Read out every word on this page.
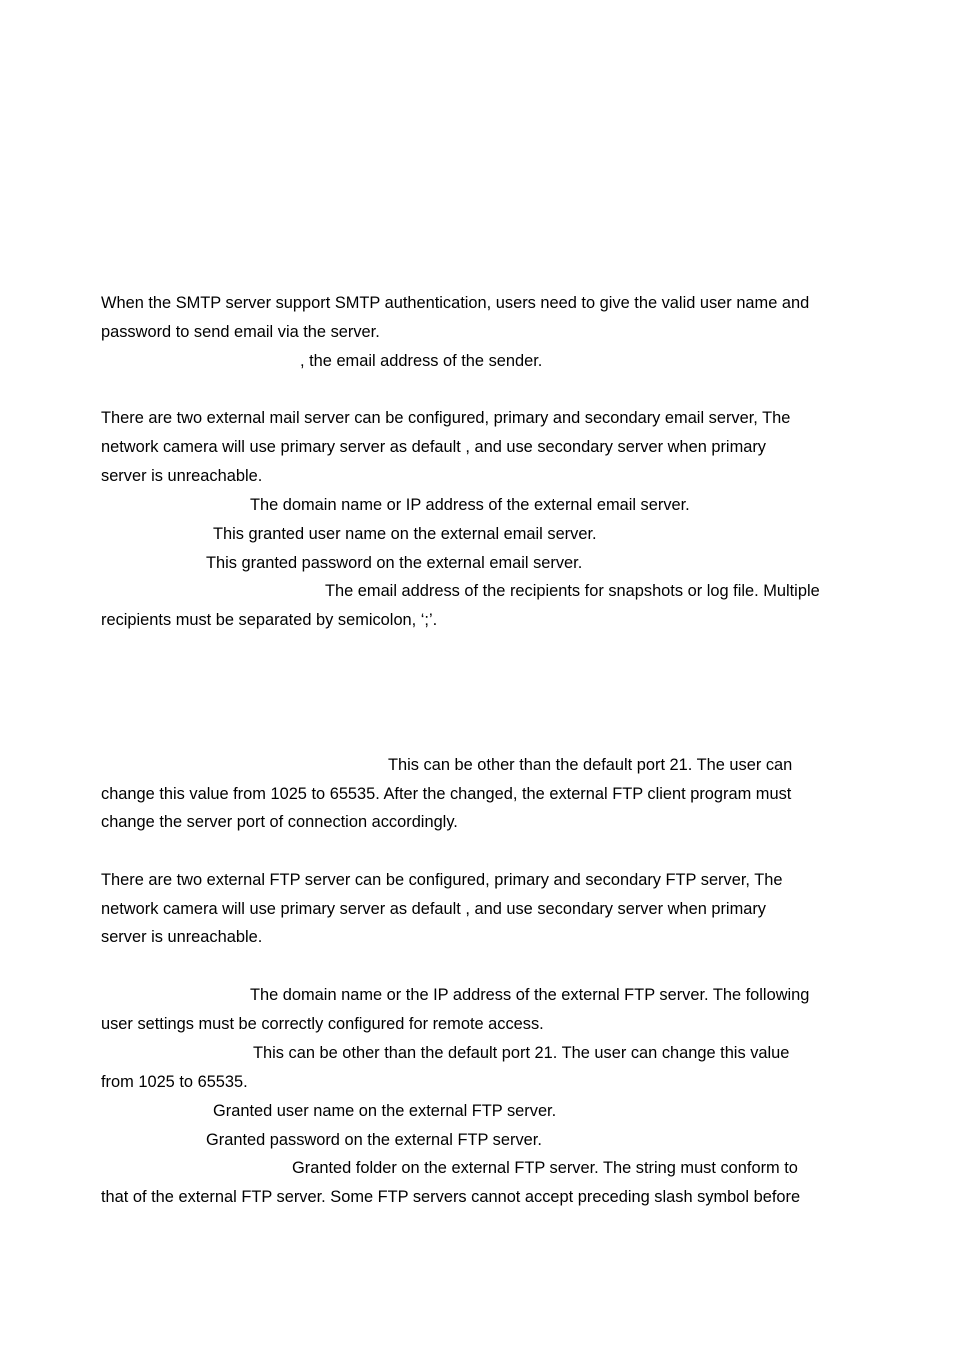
When the SMTP server support SMTP authentication, users need to give the valid user name and

password to send email via the server.

, the email address of the sender.

There are two external mail server can be configured, primary and secondary email server, The

network camera will use primary server as default , and use secondary server when primary

server is unreachable.

The domain name or IP address of the external email server.

This granted user name on the external email server.

This granted password on the external email server.

The email address of the recipients for snapshots or log file. Multiple

recipients must be separated by semicolon, ‘;’.

This can be other than the default port 21. The user can

change this value from 1025 to 65535. After the changed, the external FTP client program must

change the server port of connection accordingly.

There are two external FTP server can be configured, primary and secondary FTP server, The

network camera will use primary server as default , and use secondary server when primary

server is unreachable.

The domain name or the IP address of the external FTP server. The following

user settings must be correctly configured for remote access.

This can be other than the default port 21. The user can change this value

from 1025 to 65535.

Granted user name on the external FTP server.

Granted password on the external FTP server.

Granted folder on the external FTP server. The string must conform to

that of the external FTP server. Some FTP servers cannot accept preceding slash symbol before
